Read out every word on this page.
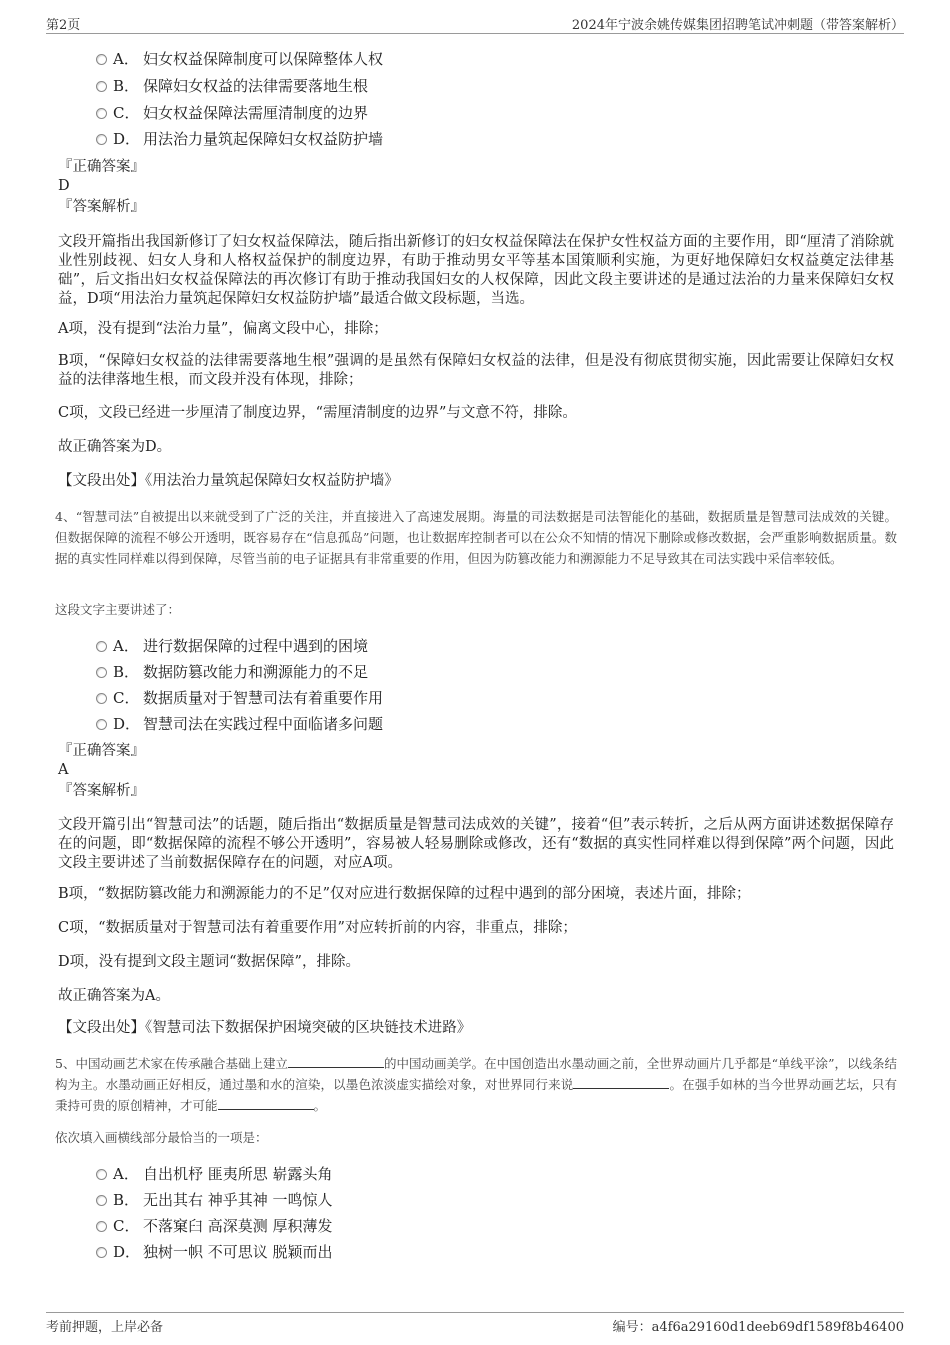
第2页	2024年宁波余姚传媒集团招聘笔试冲刺题（带答案解析）
A． 妇女权益保障制度可以保障整体人权
B． 保障妇女权益的法律需要落地生根
C． 妇女权益保障法需厘清制度的边界
D． 用法治力量筑起保障妇女权益防护墙
『正确答案』
D
『答案解析』
文段开篇指出我国新修订了妇女权益保障法，随后指出新修订的妇女权益保障法在保护女性权益方面的主要作用，即“厘清了消除就业性别歧视、妇女人身和人格权益保护的制度边界，有助于推动男女平等基本国策顺利实施，为更好地保障妇女权益奠定法律基础”，后文指出妇女权益保障法的再次修订有助于推动我国妇女的人权保障，因此文段主要讲述的是通过法治的力量来保障妇女权益，D项“用法治力量筑起保障妇女权益防护墙”最适合做文段标题，当选。
A项，没有提到“法治力量”，偏离文段中心，排除；
B项，“保障妇女权益的法律需要落地生根”强调的是虽然有保障妇女权益的法律，但是没有彻底贯彻实施，因此需要让保障妇女权益的法律落地生根，而文段并没有体现，排除；
C项，文段已经进一步厘清了制度边界，“需厘清制度的边界”与文意不符，排除。
故正确答案为D。
【文段出处】《用法治力量筑起保障妇女权益防护墙》
4、“智慧司法”自被提出以来就受到了广泛的关注，并直接进入了高速发展期。海量的司法数据是司法智能化的基础，数据质量是智慧司法成效的关键。但数据保障的流程不够公开透明，既容易存在“信息孤岛”问题，也让数据库控制者可以在公众不知情的情况下删除或修改数据，会严重影响数据质量。数据的真实性同样难以得到保障，尽管当前的电子证据具有非常重要的作用，但因为防篡改能力和溯源能力不足导致其在司法实践中采信率较低。
这段文字主要讲述了：
A． 进行数据保障的过程中遇到的困境
B． 数据防篡改能力和溯源能力的不足
C． 数据质量对于智慧司法有着重要作用
D． 智慧司法在实践过程中面临诸多问题
『正确答案』
A
『答案解析』
文段开篇引出“智慧司法”的话题，随后指出“数据质量是智慧司法成效的关键”，接着“但”表示转折，之后从两方面讲述数据保障存在的问题，即“数据保障的流程不够公开透明”，容易被人轻易删除或修改，还有“数据的真实性同样难以得到保障”两个问题，因此文段主要讲述了当前数据保障存在的问题，对应A项。
B项，“数据防篡改能力和溯源能力的不足”仅对应进行数据保障的过程中遇到的部分困境，表述片面，排除；
C项，“数据质量对于智慧司法有着重要作用”对应转折前的内容，非重点，排除；
D项，没有提到文段主题词“数据保障”，排除。
故正确答案为A。
【文段出处】《智慧司法下数据保护困境突破的区块链技术进路》
5、中国动画艺术家在传承融合基础上建立	的中国动画美学。在中国创造出水墨动画之前，全世界动画片几乎都是“单线平涂”，以线条结构为主。水墨动画正好相反，通过墨和水的渲染，以墨色浓淡虚实描绘对象，对世界同行来说	。在强手如林的当今世界动画艺坛，只有秉持可贵的原创精神，才可能	。
依次填入画横线部分最恰当的一项是：
A． 自出机杼 匪夷所思 崭露头角
B． 无出其右 神乎其神 一鸣惊人
C． 不落窠臼 高深莫测 厚积薄发
D． 独树一帜 不可思议 脱颖而出
考前押题，上岸必备	编号：a4f6a29160d1deeb69df1589f8b46400
